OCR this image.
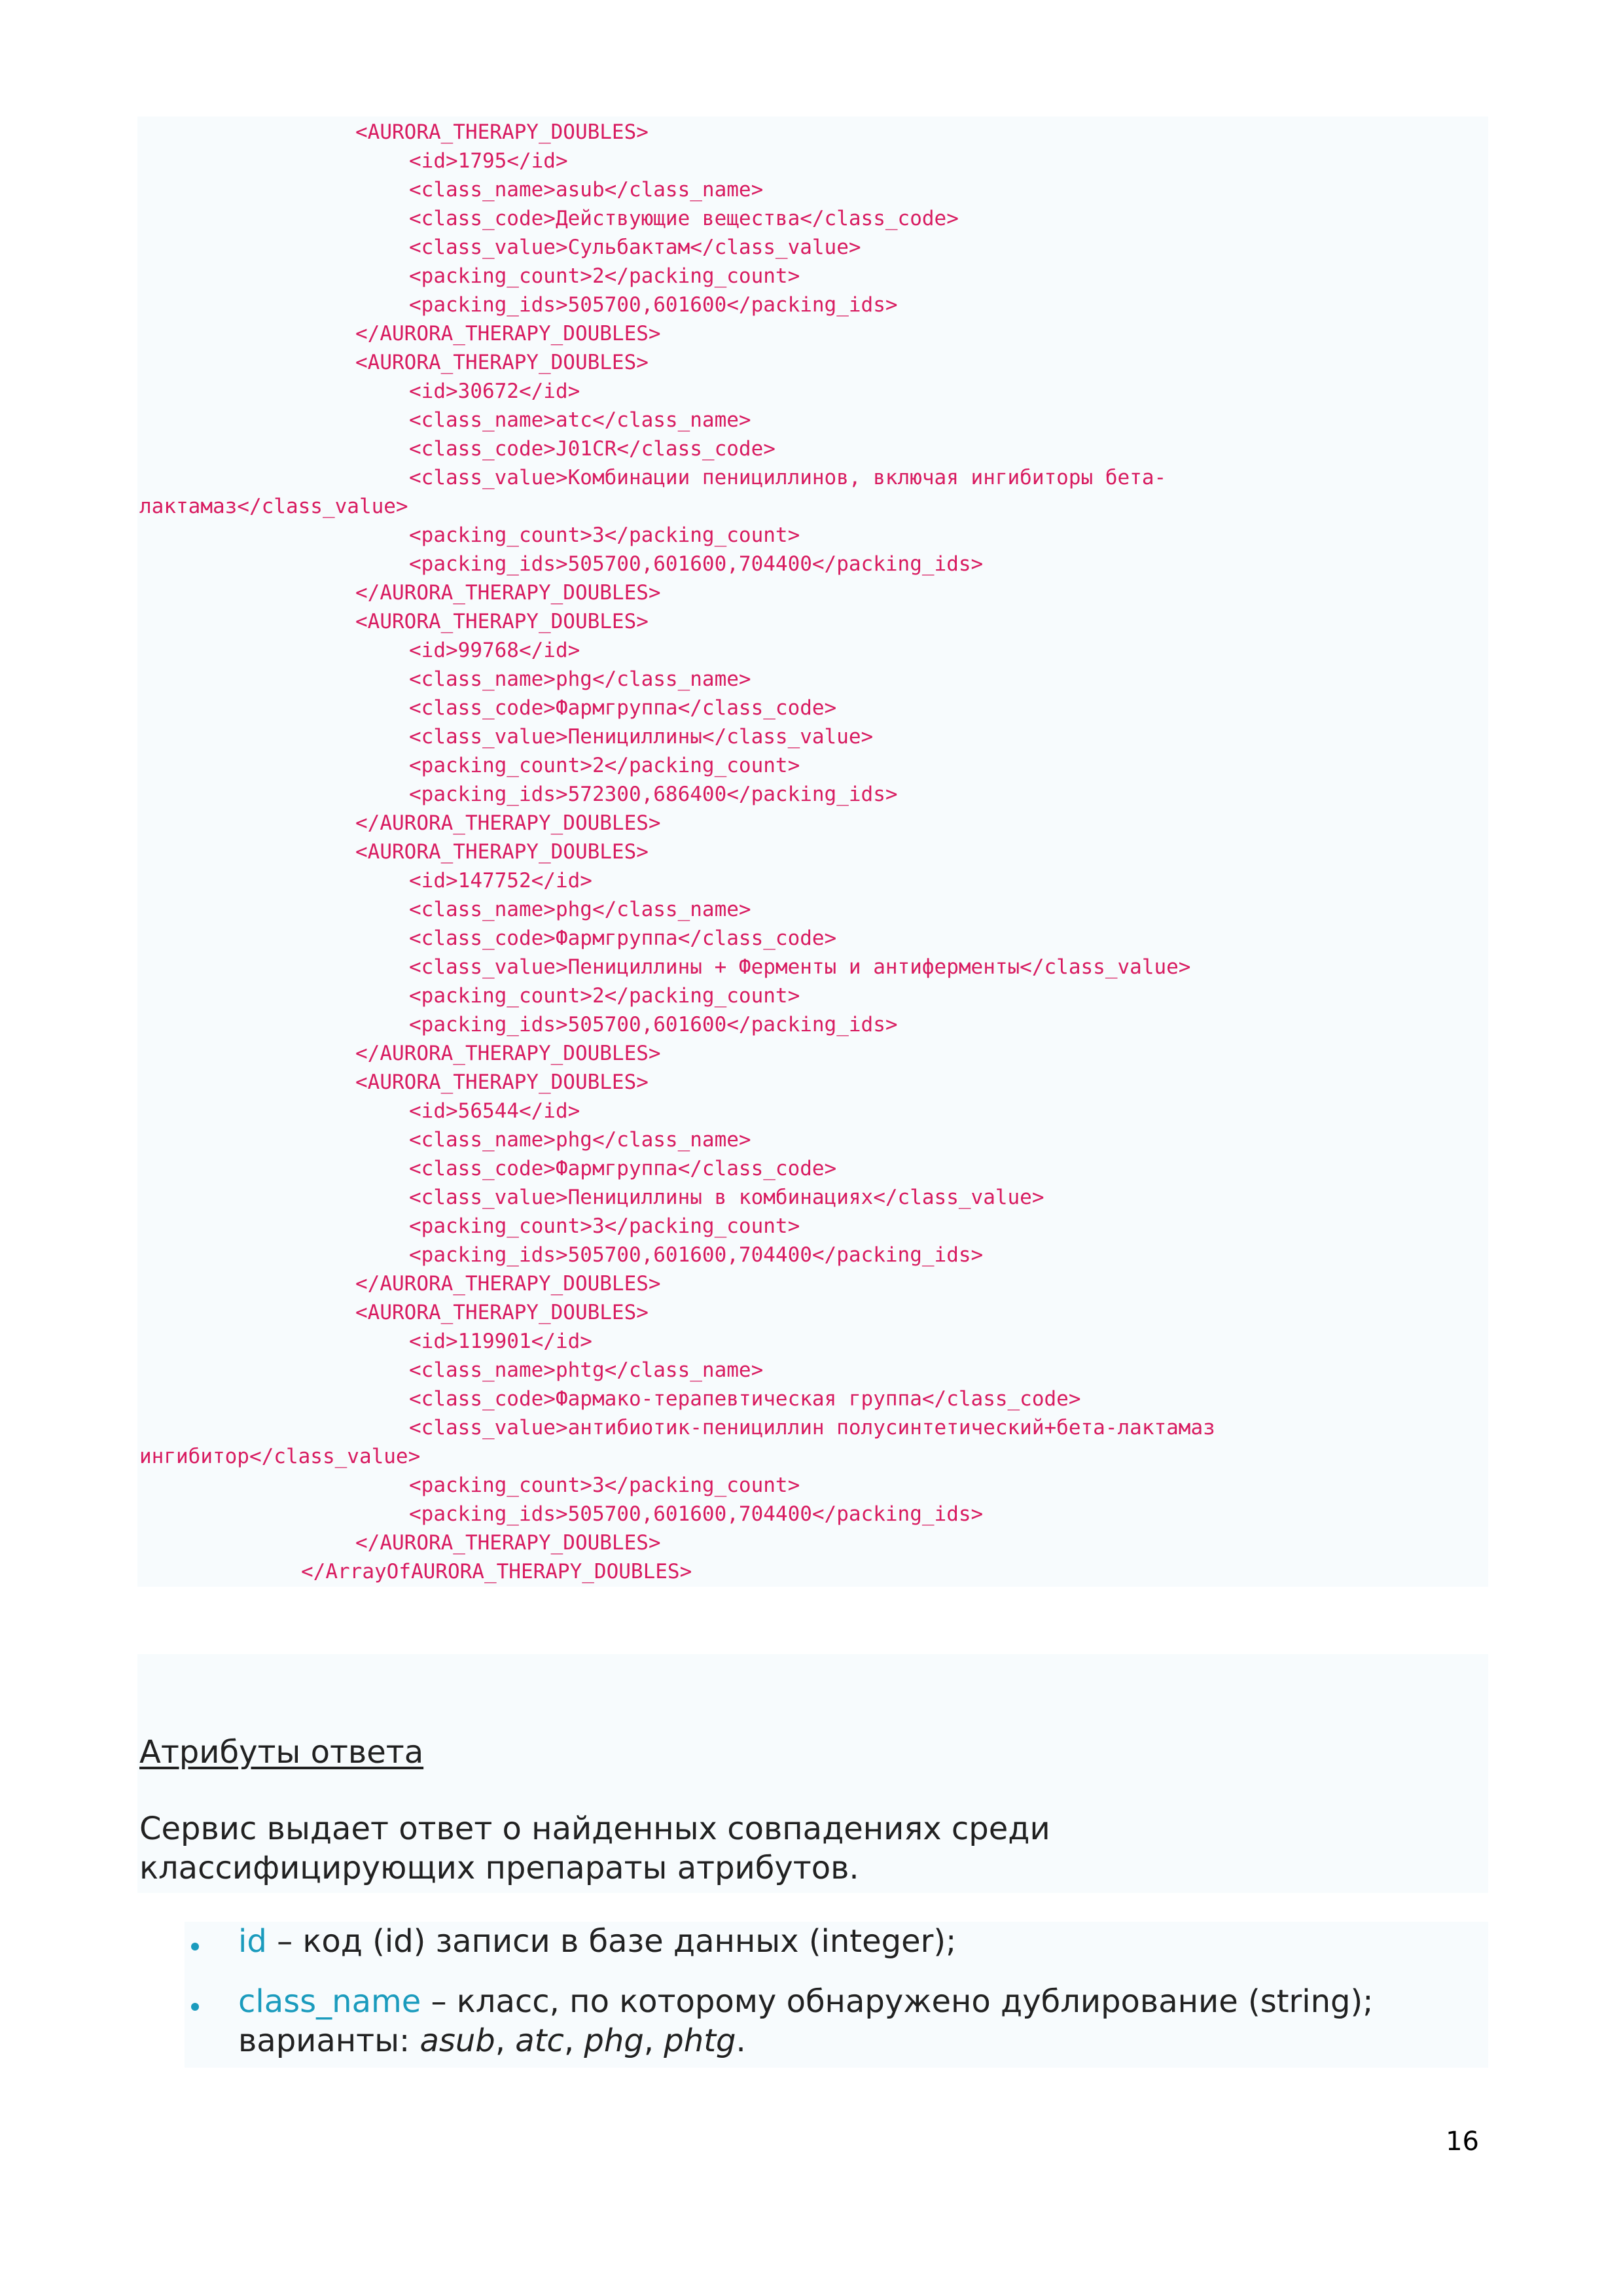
<AURORA_THERAPY_DOUBLES>
<id>1795</id>
<class_name>asub</class_name>
<class_code>Действующие вещества</class_code>
<class_value>Сульбактам</class_value>
<packing_count>2</packing_count>
<packing_ids>505700,601600</packing_ids>
</AURORA_THERAPY_DOUBLES>
<AURORA_THERAPY_DOUBLES>
<id>30672</id>
<class_name>atc</class_name>
<class_code>J01CR</class_code>
<class_value>Комбинации пенициллинов, включая ингибиторы бета-
лактамаз</class_value>
<packing_count>3</packing_count>
<packing_ids>505700,601600,704400</packing_ids>
</AURORA_THERAPY_DOUBLES>
<AURORA_THERAPY_DOUBLES>
<id>99768</id>
<class_name>phg</class_name>
<class_code>Фармгруппа</class_code>
<class_value>Пенициллины</class_value>
<packing_count>2</packing_count>
<packing_ids>572300,686400</packing_ids>
</AURORA_THERAPY_DOUBLES>
<AURORA_THERAPY_DOUBLES>
<id>147752</id>
<class_name>phg</class_name>
<class_code>Фармгруппа</class_code>
<class_value>Пенициллины + Ферменты и антиферменты</class_value>
<packing_count>2</packing_count>
<packing_ids>505700,601600</packing_ids>
</AURORA_THERAPY_DOUBLES>
<AURORA_THERAPY_DOUBLES>
<id>56544</id>
<class_name>phg</class_name>
<class_code>Фармгруппа</class_code>
<class_value>Пенициллины в комбинациях</class_value>
<packing_count>3</packing_count>
<packing_ids>505700,601600,704400</packing_ids>
</AURORA_THERAPY_DOUBLES>
<AURORA_THERAPY_DOUBLES>
<id>119901</id>
<class_name>phtg</class_name>
<class_code>Фармако-терапевтическая группа</class_code>
<class_value>антибиотик-пенициллин полусинтетический+бета-лактамаз
ингибитор</class_value>
<packing_count>3</packing_count>
<packing_ids>505700,601600,704400</packing_ids>
</AURORA_THERAPY_DOUBLES>
</ArrayOfAURORA_THERAPY_DOUBLES>
Атрибуты ответа

Сервис выдает ответ о найденных совпадениях среди классифицирующих препараты атрибутов.

id – код (id) записи в базе данных (integer);
class_name – класс, по которому обнаружено дублирование (string); варианты: asub, atc, phg, phtg.
16
